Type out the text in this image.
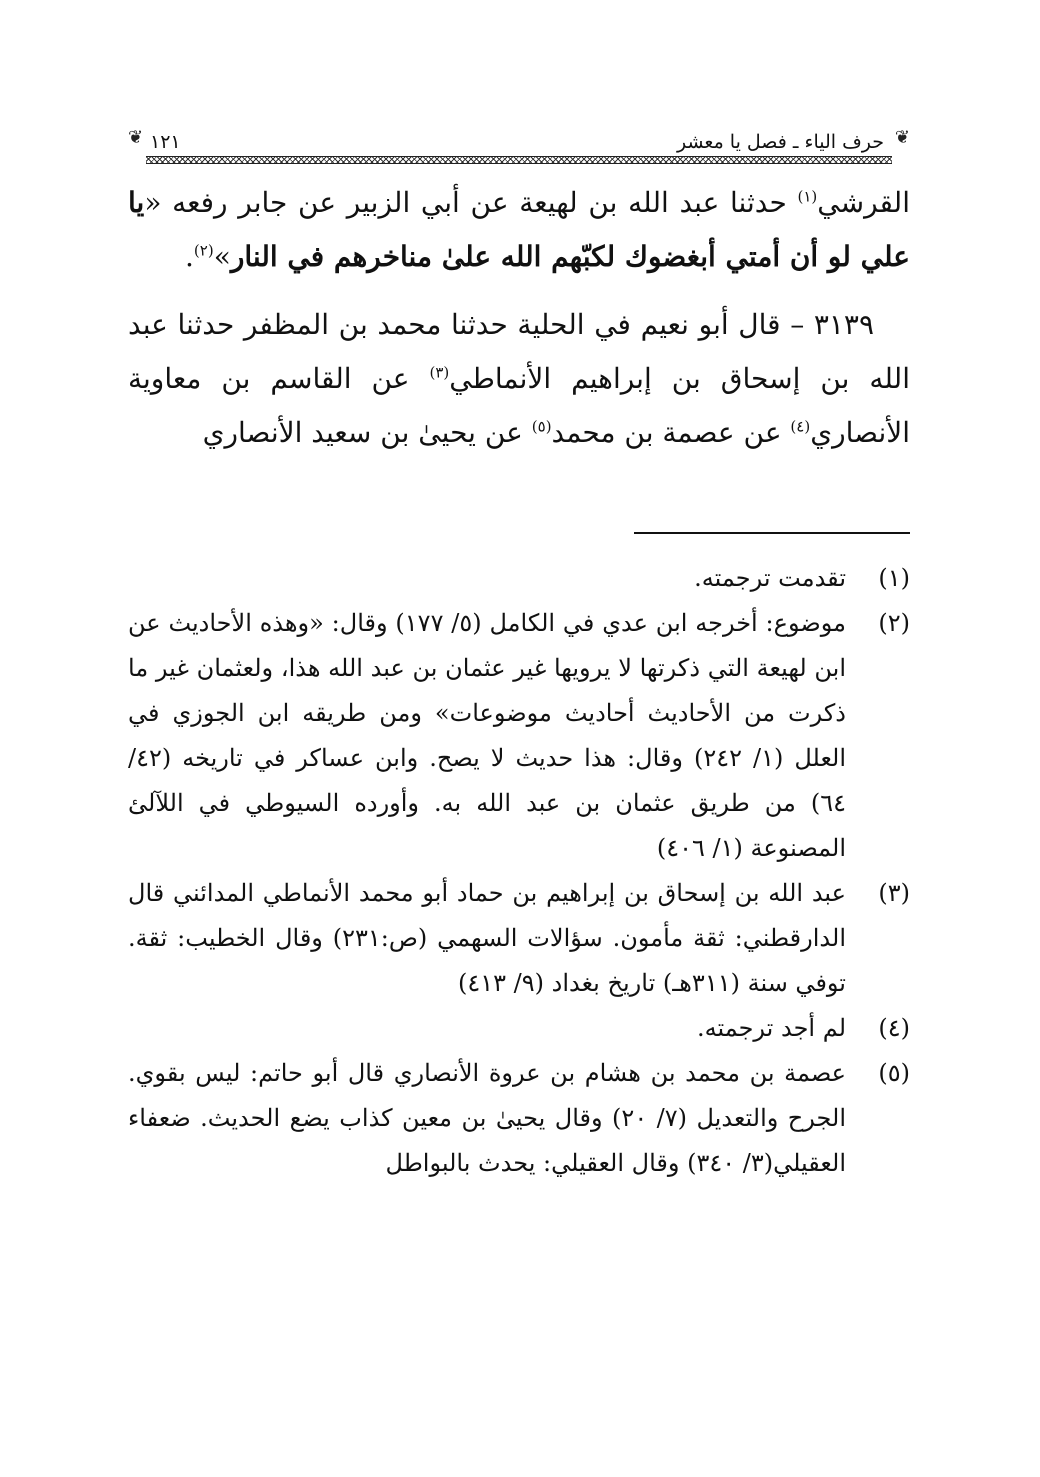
❦
حرف الياء ـ فصل يا معشر
١٢١
❦

القرشي$^{(١)}$ حدثنا عبد الله بن لهيعة عن أبي الزبير عن جابر رفعه «يا علي لو أن أمتي أبغضوك لكبّهم الله علىٰ مناخرهم في النار»$^{(٢)}$.

٣١٣٩ – قال أبو نعيم في الحلية حدثنا محمد بن المظفر حدثنا عبد الله بن إسحاق بن إبراهيم الأنماطي$^{(٣)}$ عن القاسم بن معاوية الأنصاري$^{(٤)}$ عن عصمة بن محمد$^{(٥)}$ عن يحيىٰ بن سعيد الأنصاري

(١)
تقدمت ترجمته.
(٢)
موضوع: أخرجه ابن عدي في الكامل (٥/ ١٧٧) وقال: «وهذه الأحاديث عن ابن لهيعة التي ذكرتها لا يرويها غير عثمان بن عبد الله هذا، ولعثمان غير ما ذكرت من الأحاديث أحاديث موضوعات» ومن طريقه ابن الجوزي في العلل (١/ ٢٤٢) وقال: هذا حديث لا يصح. وابن عساكر في تاريخه (٤٢/ ٦٤) من طريق عثمان بن عبد الله به. وأورده السيوطي في اللآلئ المصنوعة (١/ ٤٠٦)
(٣)
عبد الله بن إسحاق بن إبراهيم بن حماد أبو محمد الأنماطي المدائني قال الدارقطني: ثقة مأمون. سؤالات السهمي (ص:٢٣١) وقال الخطيب: ثقة. توفي سنة (٣١١هـ) تاريخ بغداد (٩/ ٤١٣)
(٤)
لم أجد ترجمته.
(٥)
عصمة بن محمد بن هشام بن عروة الأنصاري قال أبو حاتم: ليس بقوي. الجرح والتعديل (٧/ ٢٠) وقال يحيىٰ بن معين كذاب يضع الحديث. ضعفاء العقيلي(٣/ ٣٤٠) وقال العقيلي: يحدث بالبواطل
